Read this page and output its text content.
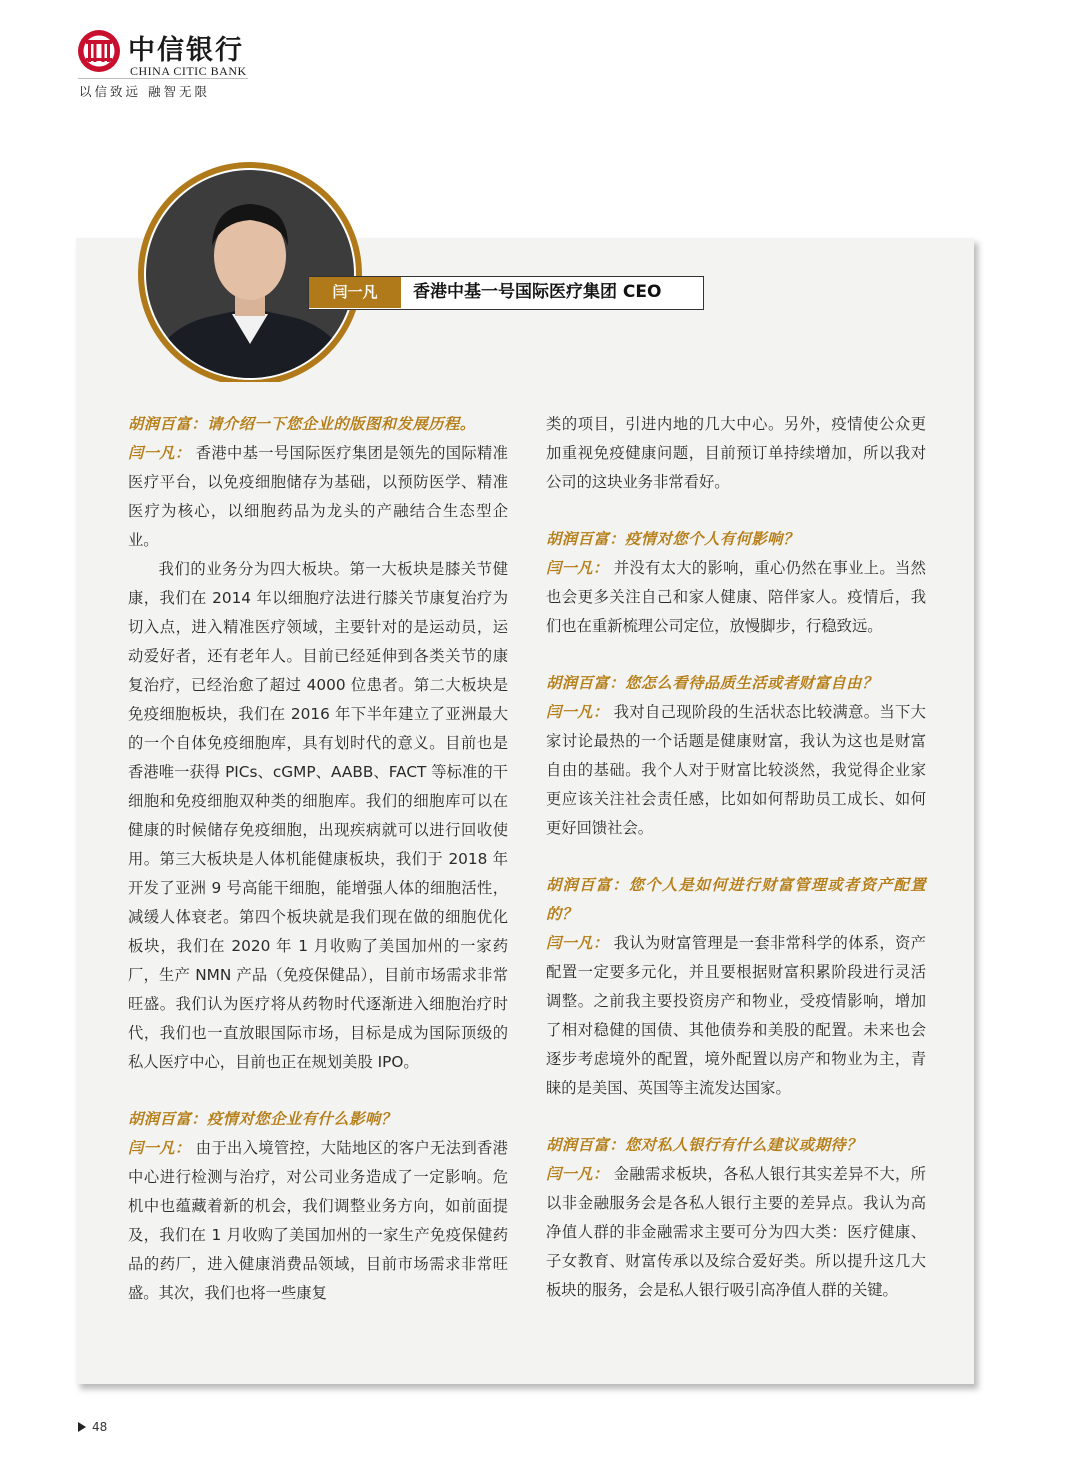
中信银行
CHINA CITIC BANK
以信致远 融智无限
闫一凡	香港中基一号国际医疗集团 CEO

胡润百富：请介绍一下您企业的版图和发展历程。

闫一凡： 香港中基一号国际医疗集团是领先的国际精准医疗平台，以免疫细胞储存为基础，以预防医学、精准医疗为核心，以细胞药品为龙头的产融结合生态型企业。

我们的业务分为四大板块。第一大板块是膝关节健康，我们在 2014 年以细胞疗法进行膝关节康复治疗为切入点，进入精准医疗领域，主要针对的是运动员，运动爱好者，还有老年人。目前已经延伸到各类关节的康复治疗，已经治愈了超过 4000 位患者。第二大板块是免疫细胞板块，我们在 2016 年下半年建立了亚洲最大的一个自体免疫细胞库，具有划时代的意义。目前也是香港唯一获得 PICs、cGMP、AABB、FACT 等标准的干细胞和免疫细胞双种类的细胞库。我们的细胞库可以在健康的时候储存免疫细胞，出现疾病就可以进行回收使用。第三大板块是人体机能健康板块，我们于 2018 年开发了亚洲 9 号高能干细胞，能增强人体的细胞活性，减缓人体衰老。第四个板块就是我们现在做的细胞优化板块，我们在 2020 年 1 月收购了美国加州的一家药厂，生产 NMN 产品（免疫保健品），目前市场需求非常旺盛。我们认为医疗将从药物时代逐渐进入细胞治疗时代，我们也一直放眼国际市场，目标是成为国际顶级的私人医疗中心，目前也正在规划美股 IPO。

胡润百富：疫情对您企业有什么影响？

闫一凡： 由于出入境管控，大陆地区的客户无法到香港中心进行检测与治疗，对公司业务造成了一定影响。危机中也蕴藏着新的机会，我们调整业务方向，如前面提及，我们在 1 月收购了美国加州的一家生产免疫保健药品的药厂，进入健康消费品领域，目前市场需求非常旺盛。其次，我们也将一些康复

类的项目，引进内地的几大中心。另外，疫情使公众更加重视免疫健康问题，目前预订单持续增加，所以我对公司的这块业务非常看好。

胡润百富：疫情对您个人有何影响？

闫一凡： 并没有太大的影响，重心仍然在事业上。当然也会更多关注自己和家人健康、陪伴家人。疫情后，我们也在重新梳理公司定位，放慢脚步，行稳致远。

胡润百富：您怎么看待品质生活或者财富自由？

闫一凡： 我对自己现阶段的生活状态比较满意。当下大家讨论最热的一个话题是健康财富，我认为这也是财富自由的基础。我个人对于财富比较淡然，我觉得企业家更应该关注社会责任感，比如如何帮助员工成长、如何更好回馈社会。

胡润百富：您个人是如何进行财富管理或者资产配置的？

闫一凡： 我认为财富管理是一套非常科学的体系，资产配置一定要多元化，并且要根据财富积累阶段进行灵活调整。之前我主要投资房产和物业，受疫情影响，增加了相对稳健的国债、其他债券和美股的配置。未来也会逐步考虑境外的配置，境外配置以房产和物业为主，青睐的是美国、英国等主流发达国家。

胡润百富：您对私人银行有什么建议或期待？

闫一凡： 金融需求板块，各私人银行其实差异不大，所以非金融服务会是各私人银行主要的差异点。我认为高净值人群的非金融需求主要可分为四大类：医疗健康、子女教育、财富传承以及综合爱好类。所以提升这几大板块的服务，会是私人银行吸引高净值人群的关键。

48
